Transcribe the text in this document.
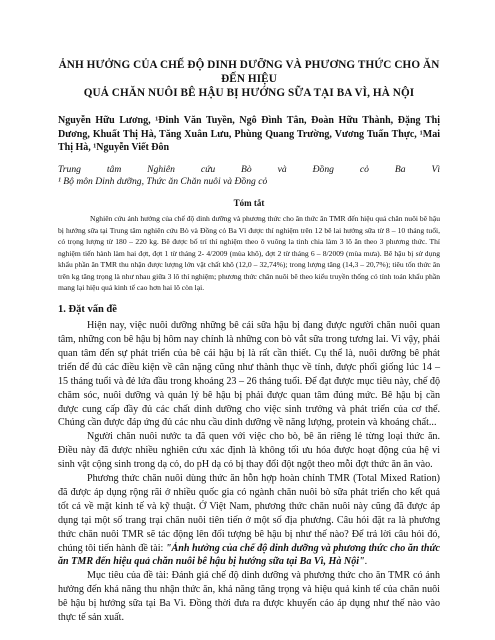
ẢNH HƯỞNG CỦA CHẾ ĐỘ DINH DƯỠNG VÀ PHƯƠNG THỨC CHO ĂN ĐẾN HIỆU
QUẢ CHĂN NUÔI BÊ HẬU BỊ HƯỚNG SỮA TẠI BA VÌ, HÀ NỘI

Nguyễn Hữu Lương, ¹Đinh Văn Tuyền, Ngô Đình Tân, Đoàn Hữu Thành, Đặng Thị Dương, Khuất Thị Hà, Tăng Xuân Lưu, Phùng Quang Trường, Vương Tuấn Thực, ¹Mai Thị Hà, ¹Nguyễn Viết Đôn

Trung tâm Nghiên cứu Bò và Đồng cỏ Ba Vì

¹ Bộ môn Dinh dưỡng, Thức ăn Chăn nuôi và Đồng cỏ

Tóm tắt

Nghiên cứu ảnh hưởng của chế độ dinh dưỡng và phương thức cho ăn thức ăn TMR đến hiệu quả chăn nuôi bê hậu bị hướng sữa tại Trung tâm nghiên cứu Bò và Đồng cỏ Ba Vì được thí nghiệm trên 12 bê lai hướng sữa từ 8 – 10 tháng tuổi, có trọng lượng từ 180 – 220 kg. Bê được bố trí thí nghiệm theo ô vuông la tinh chia làm 3 lô ăn theo 3 phương thức. Thí nghiệm tiến hành làm hai đợt, đợt 1 từ tháng 2- 4/2009 (mùa khô), đợt 2 từ tháng 6 – 8/2009 (mùa mưa). Bê hậu bị sử dụng khẩu phần ăn TMR thu nhận được lượng lớn vật chất khô (12,0 – 32,74%); trong lượng tăng (14,3 – 20,7%); tiêu tốn thức ăn trên kg tăng trọng là như nhau giữa 3 lô thí nghiệm; phương thức chăn nuôi bê theo kiểu truyền thống có tính toán khẩu phần mang lại hiệu quả kinh tế cao hơn hai lô còn lại.

1. Đặt vấn đề

Hiện nay, việc nuôi dưỡng những bê cái sữa hậu bị đang được người chăn nuôi quan tâm, những con bê hậu bị hôm nay chính là những con bò vắt sữa trong tương lai. Vì vậy, phải quan tâm đến sự phát triển của bê cái hậu bị là rất cần thiết. Cụ thể là, nuôi dưỡng bê phát triển để đủ các điều kiện về cân nặng cũng như thành thục về tính, được phối giống lúc 14 – 15 tháng tuổi và đẻ lứa đầu trong khoảng 23 – 26 tháng tuổi. Để đạt được mục tiêu này, chế độ chăm sóc, nuôi dưỡng và quản lý bê hậu bị phải được quan tâm đúng mức. Bê hậu bị cần được cung cấp đầy đủ các chất dinh dưỡng cho việc sinh trưởng và phát triển của cơ thể. Chúng cần được đáp ứng đủ các nhu cầu dinh dưỡng về năng lượng, protein và khoáng chất...

Người chăn nuôi nước ta đã quen với việc cho bò, bê ăn riêng lẻ từng loại thức ăn. Điều này đã được nhiều nghiên cứu xác định là không tối ưu hóa được hoạt động của hệ vi sinh vật cộng sinh trong dạ cỏ, do pH dạ cỏ bị thay đổi đột ngột theo mỗi đợt thức ăn ăn vào.

Phương thức chăn nuôi dùng thức ăn hỗn hợp hoàn chỉnh TMR (Total Mixed Ration) đã được áp dụng rộng rãi ở nhiều quốc gia có ngành chăn nuôi bò sữa phát triển cho kết quả tốt cả về mặt kinh tế và kỹ thuật. Ở Việt Nam, phương thức chăn nuôi này cũng đã được áp dụng tại một số trang trại chăn nuôi tiên tiến ở một số địa phương. Câu hỏi đặt ra là phương thức chăn nuôi TMR sẽ tác động lên đối tượng bê hậu bị như thế nào? Để trả lời câu hỏi đó, chúng tôi tiến hành đề tài: "Ảnh hưởng của chế độ dinh dưỡng và phương thức cho ăn thức ăn TMR đến hiệu quả chăn nuôi bê hậu bị hướng sữa tại Ba Vì, Hà Nội".

Mục tiêu của đề tài: Đánh giá chế độ dinh dưỡng và phương thức cho ăn TMR có ảnh hưởng đến khả năng thu nhận thức ăn, khả năng tăng trọng và hiệu quả kinh tế của chăn nuôi bê hậu bị hướng sữa tại Ba Vì. Đồng thời đưa ra được khuyến cáo áp dụng như thế nào vào thực tế sản xuất.
